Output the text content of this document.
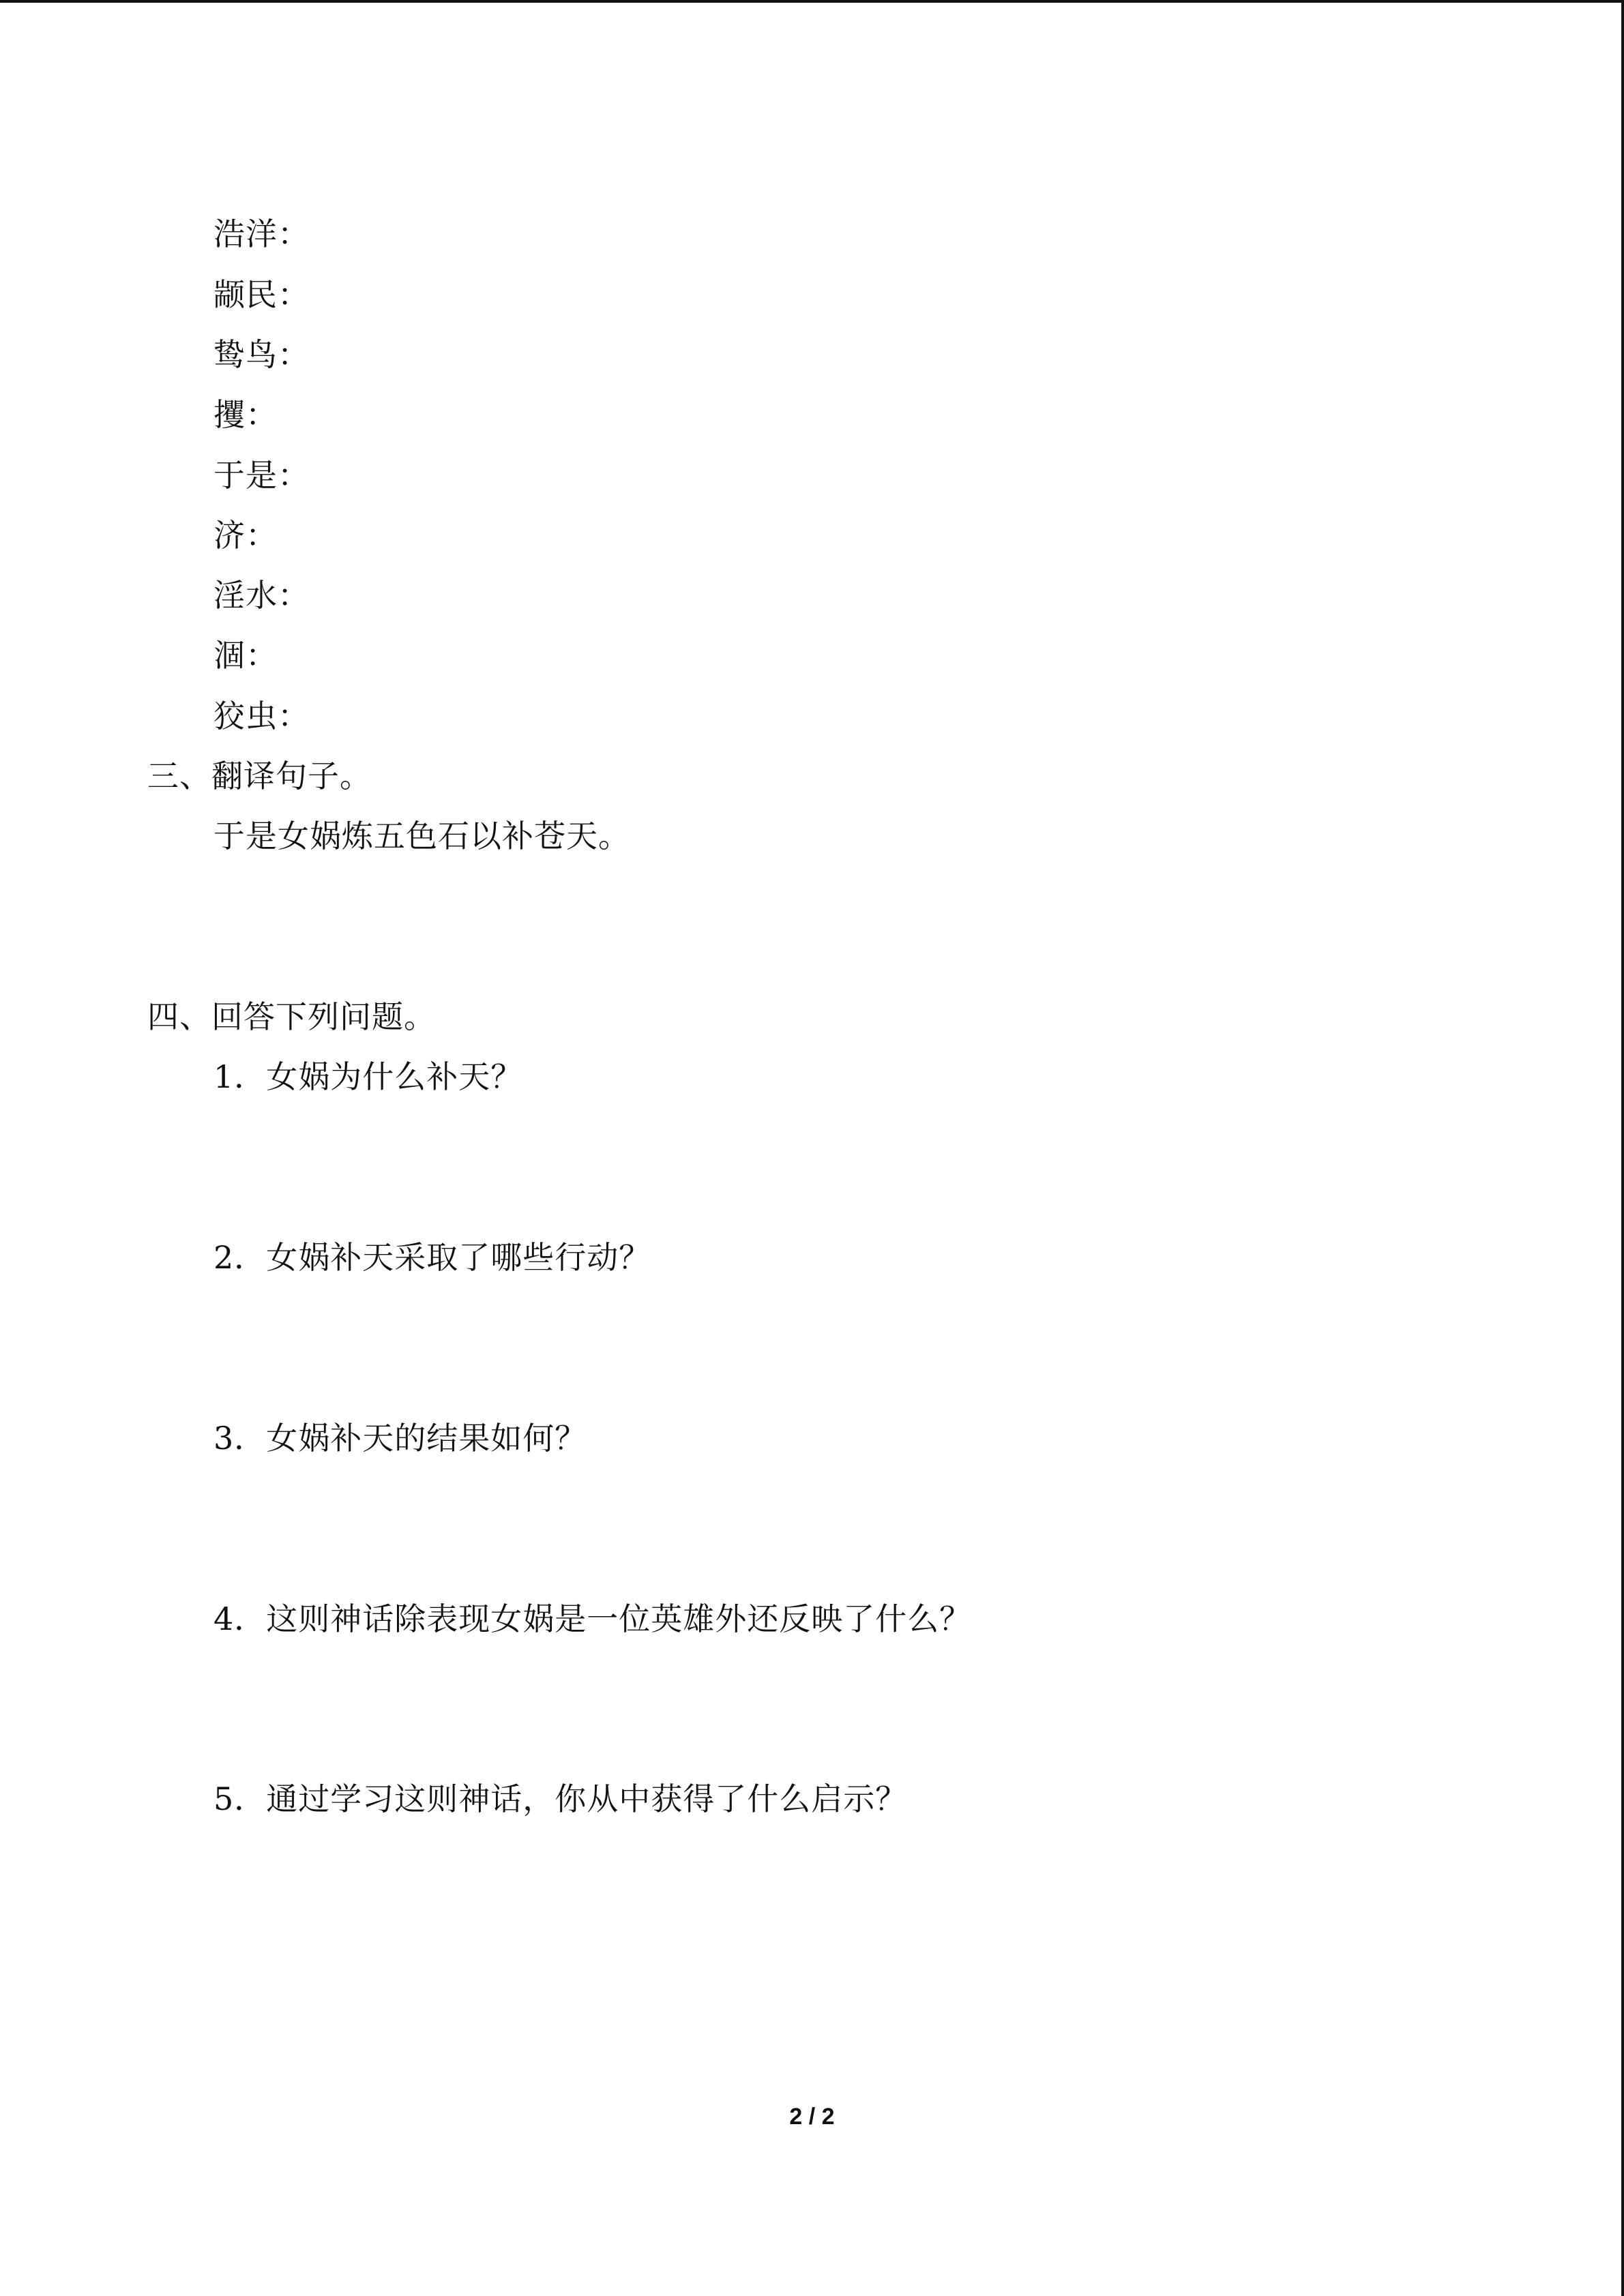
浩洋：
颛民：
鸷鸟：
攫：
于是：
济：
淫水：
涸：
狡虫：
三、翻译句子。
于是女娲炼五色石以补苍天。
四、回答下列问题。
1．女娲为什么补天？
2．女娲补天采取了哪些行动？
3．女娲补天的结果如何？
4．这则神话除表现女娲是一位英雄外还反映了什么？
5．通过学习这则神话，你从中获得了什么启示？
2 / 2
